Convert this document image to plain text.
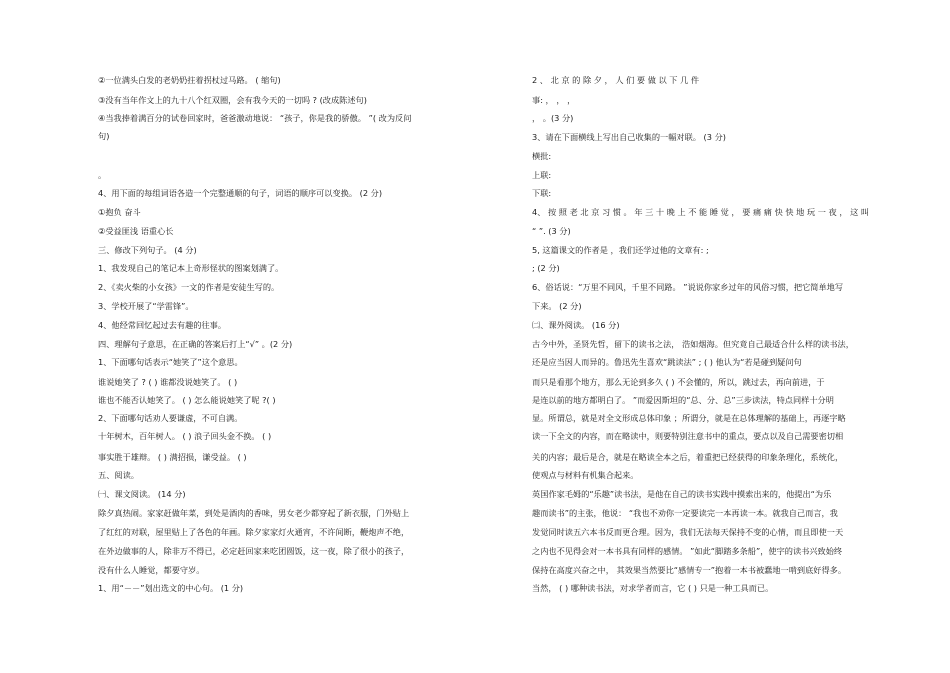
②一位满头白发的老奶奶拄着拐杖过马路。 ( 缩句)
③没有当年作文上的九十八个红双圈，会有我今天的一切吗 ? (改成陈述句)
④当我捧着满百分的试卷回家时，爸爸激动地说： “孩子，你是我的骄傲。 ”( 改为反问
句)
。
4、用下面的每组词语各造一个完整通顺的句子，词语的顺序可以变换。 (2 分)
①抱负 奋斗
②受益匪浅 语重心长
三、修改下列句子。 (4 分)
1、我发现自己的笔记本上奇形怪状的图案划满了。
2、《卖火柴的小女孩》一文的作者是安徒生写的。
3、学校开展了“学雷锋”。
4、他经常回忆起过去有趣的往事。
四、理解句子意思，在正确的答案后打上“√” 。(2 分)
1、下面哪句话表示“她笑了”这个意思。
谁说她笑了 ? ( ) 谁都没说她笑了。 ( )
谁也不能否认她笑了。 ( ) 怎么能说她笑了呢 ?( )
2、下面哪句话劝人要谦虚，不可自满。
十年树木，百年树人。 ( ) 浪子回头金不换。 ( )
事实胜于雄辩。 ( ) 满招损，谦受益。 ( )
五、阅读。
㈠、课文阅读。 (14 分)
除夕真热闹。家家赶做年菜，到处是酒肉的香味，男女老少都穿起了新衣服，门外贴上
了红红的对联，屋里贴上了各色的年画。除夕家家灯火通宵，不许间断，鞭炮声不绝，
在外边做事的人，除非万不得已，必定赶回家来吃团圆饭，这一夜，除了很小的孩子，
没有什么人睡觉，都要守岁。
1、用“－－”划出选文的中心句。 (1 分)
2 、 北 京 的 除 夕 ， 人 们 要 做 以 下 几 件
事: ， ， ，
， 。(3 分)
3、请在下面横线上写出自己收集的一幅对联。 (3 分)
横批:
上联:
下联:
4、 按 照 老 北 京 习 惯 。 年 三 十 晚 上 不 能 睡 觉 ， 要 痛 痛 快 快 地 玩 一 夜 ， 这 叫
“ ”. (3 分)
5, 这篇课文的作者是 ，我们还学过他的文章有: ;
; (2 分)
6、俗话说：“万里不同风，千里不同路。 ”说说你家乡过年的风俗习惯，把它简单地写
下来。 (2 分)
㈡、课外阅读。 (16 分)
古今中外，圣贤先哲，留下的读书之法， 浩如烟海。但究竟自己最适合什么样的读书法，
还是应当因人而异的。鲁迅先生喜欢“跳读法” ; ( ) 他认为“若是碰到疑问句
而只是看那个地方，那么无论到多久 ( ) 不会懂的，所以，跳过去，再向前进，于
是连以前的地方都明白了。 ”而爱因斯坦的“总、分、总”三步读法，特点同样十分明
显。所谓总，就是对全文形成总体印象 ；所谓分，就是在总体理解的基础上，再逐字略
读一下全文的内容，而在略读中，则要特别注意书中的重点，要点以及自己需要密切相
关的内容；最后是合，就是在略读全本之后，着重把已经获得的印象条理化，系统化，
使观点与材料有机集合起来。
英国作家毛姆的“乐趣”读书法，是他在自己的读书实践中摸索出来的，他提出“为乐
趣而读书”的主张，他说： “我也不劝你一定要读完一本再读一本。就我自己而言，我
发觉同时读五六本书反而更合理。因为，我们无法每天保持不变的心情，而且即使一天
之内也不见得会对一本书具有同样的感情。 ”如此“脚踏多条船”，使字的读书兴致始终
保持在高度兴奋之中， 其效果当然要比“感情专一”抱着一本书被蠢地一啃到底好得多。
当然， ( ) 哪种读书法，对求学者而言，它 ( ) 只是一种工具而已。
